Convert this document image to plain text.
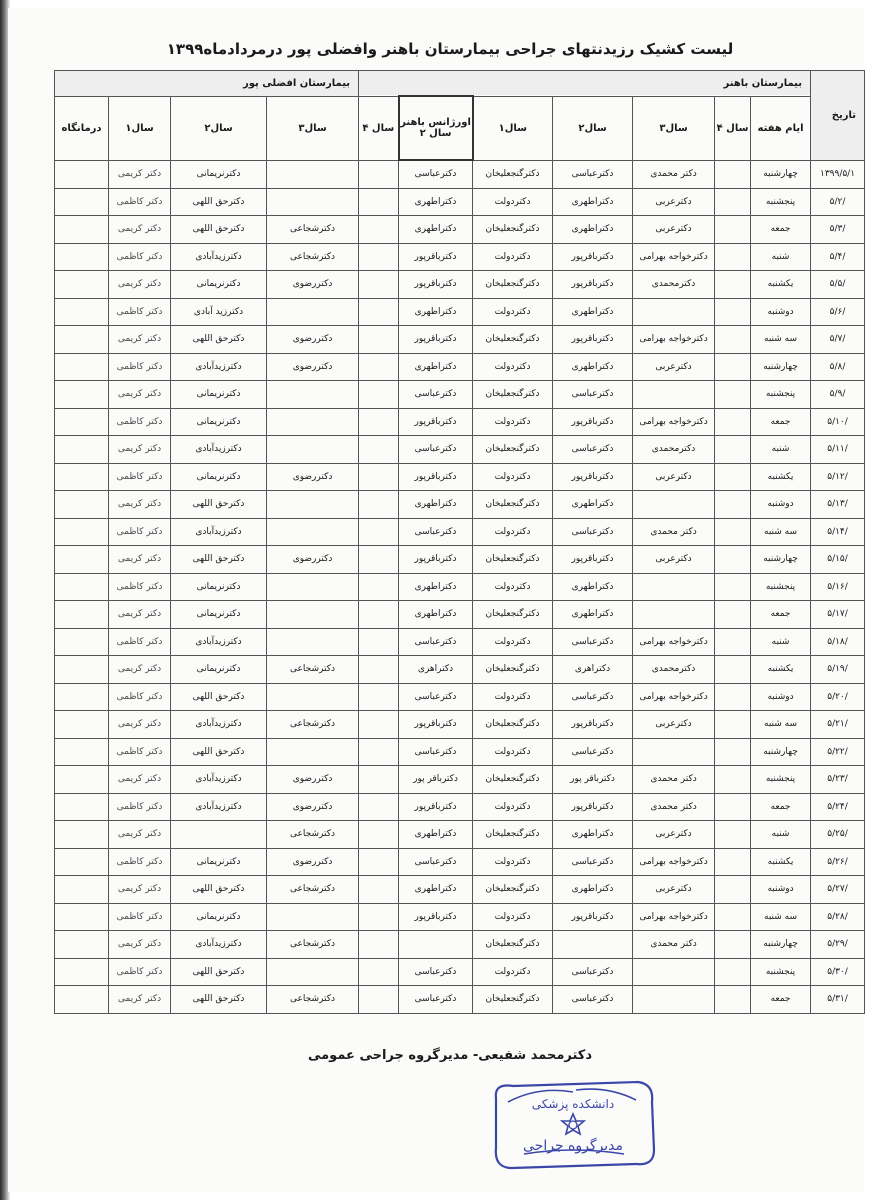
لیست کشیک رزیدنتهای جراحی بیمارستان باهنر وافضلی پور درمردادماه۱۳۹۹
تاریخ	بیمارستان باهنر							بیمارستان افضلی پور			
	ایام هفته	سال ۴	سال۳	سال۲	سال۱	اورژانس باهنر سال ۲	سال ۴	سال۳	سال۲	سال۱	درمانگاه
۱۳۹۹/۵/۱	چهارشنبه		دکتر محمدی	دکترعباسی	دکترگنجعلیخان	دکترعباسی			دکترنریمانی	دکتر کریمی	
۵/۲/	پنجشنبه		دکترعربی	دکتراطهری	دکتردولت	دکتراطهری			دکترحق اللهی	دکتر کاظمی	
۵/۳/	جمعه		دکترعربی	دکتراطهری	دکترگنجعلیخان	دکتراطهری		دکترشجاعی	دکترحق اللهی	دکتر کریمی	
۵/۴/	شنبه		دکترخواجه بهرامی	دکترباقرپور	دکتردولت	دکترباقرپور		دکترشجاعی	دکترزیدآبادی	دکتر کاظمی	
۵/۵/	یکشنبه		دکترمحمدی	دکترباقرپور	دکترگنجعلیخان	دکترباقرپور		دکتررضوی	دکترنریمانی	دکتر کریمی	
۵/۶/	دوشنبه			دکتراطهری	دکتردولت	دکتراطهری			دکترزید آبادی	دکتر کاظمی	
۵/۷/	سه شنبه		دکترخواجه بهرامی	دکترباقرپور	دکترگنجعلیخان	دکترباقرپور		دکتررضوی	دکترحق اللهی	دکتر کریمی	
۵/۸/	چهارشنبه		دکترعربی	دکتراطهری	دکتردولت	دکتراطهری		دکتررضوی	دکترزیدآبادی	دکتر کاظمی	
۵/۹/	پنجشنبه			دکترعباسی	دکترگنجعلیخان	دکترعباسی			دکترنریمانی	دکتر کریمی	
۵/۱۰/	جمعه		دکترخواجه بهرامی	دکترباقرپور	دکتردولت	دکترباقرپور			دکترنریمانی	دکتر کاظمی	
۵/۱۱/	شنبه		دکترمحمدی	دکترعباسی	دکترگنجعلیخان	دکترعباسی			دکترزیدآبادی	دکتر کریمی	
۵/۱۲/	یکشنبه		دکترعربی	دکترباقرپور	دکتردولت	دکترباقرپور		دکتررضوی	دکترنریمانی	دکتر کاظمی	
۵/۱۳/	دوشنبه			دکتراطهری	دکترگنجعلیخان	دکتراطهری			دکترحق اللهی	دکتر کریمی	
۵/۱۴/	سه شنبه		دکتر محمدی	دکترعباسی	دکتردولت	دکترعباسی			دکترزیدآبادی	دکتر کاظمی	
۵/۱۵/	چهارشنبه		دکترعربی	دکترباقرپور	دکترگنجعلیخان	دکترباقرپور		دکتررضوی	دکترحق اللهی	دکتر کریمی	
۵/۱۶/	پنجشنبه			دکتراطهری	دکتردولت	دکتراطهری			دکترنریمانی	دکتر کاظمی	
۵/۱۷/	جمعه			دکتراطهری	دکترگنجعلیخان	دکتراطهری			دکترنریمانی	دکتر کریمی	
۵/۱۸/	شنبه		دکترخواجه بهرامی	دکترعباسی	دکتردولت	دکترعباسی			دکترزیدآبادی	دکتر کاظمی	
۵/۱۹/	یکشنبه		دکترمحمدی	دکتراهری	دکترگنجعلیخان	دکتراهری		دکترشجاعی	دکترنریمانی	دکتر کریمی	
۵/۲۰/	دوشنبه		دکترخواجه بهرامی	دکترعباسی	دکتردولت	دکترعباسی			دکترحق اللهی	دکتر کاظمی	
۵/۲۱/	سه شنبه		دکترعربی	دکترباقرپور	دکترگنجعلیخان	دکترباقرپور		دکترشجاعی	دکترزیدآبادی	دکتر کریمی	
۵/۲۲/	چهارشنبه			دکترعباسی	دکتردولت	دکترعباسی			دکترحق اللهی	دکتر کاظمی	
۵/۲۳/	پنجشنبه		دکتر محمدی	دکترباقر پور	دکترگنجعلیخان	دکترباقر پور		دکتررضوی	دکترزیدآبادی	دکتر کریمی	
۵/۲۴/	جمعه		دکتر محمدی	دکترباقرپور	دکتردولت	دکترباقرپور		دکتررضوی	دکترزیدآبادی	دکتر کاظمی	
۵/۲۵/	شنبه		دکترعربی	دکتراطهری	دکترگنجعلیخان	دکتراطهری		دکترشجاعی		دکتر کریمی	
۵/۲۶/	یکشنبه		دکترخواجه بهرامی	دکترعباسی	دکتردولت	دکترعباسی		دکتررضوی	دکترنریمانی	دکتر کاظمی	
۵/۲۷/	دوشنبه		دکترعربی	دکتراطهری	دکترگنجعلیخان	دکتراطهری		دکترشجاعی	دکترحق اللهی	دکتر کریمی	
۵/۲۸/	سه شنبه		دکترخواجه بهرامی	دکترباقرپور	دکتردولت	دکترباقرپور			دکترنریمانی	دکتر کاظمی	
۵/۲۹/	چهارشنبه		دکتر محمدی		دکترگنجعلیخان			دکترشجاعی	دکترزیدآبادی	دکتر کریمی	
۵/۳۰/	پنجشنبه			دکترعباسی	دکتردولت	دکترعباسی			دکترحق اللهی	دکتر کاظمی	
۵/۳۱/	جمعه			دکترعباسی	دکترگنجعلیخان	دکترعباسی		دکترشجاعی	دکترحق اللهی	دکتر کریمی	
دکترمحمد شفیعی- مدیرگروه جراحی عمومی
دانشکده پزشکی
مدیرگروه جراحی
